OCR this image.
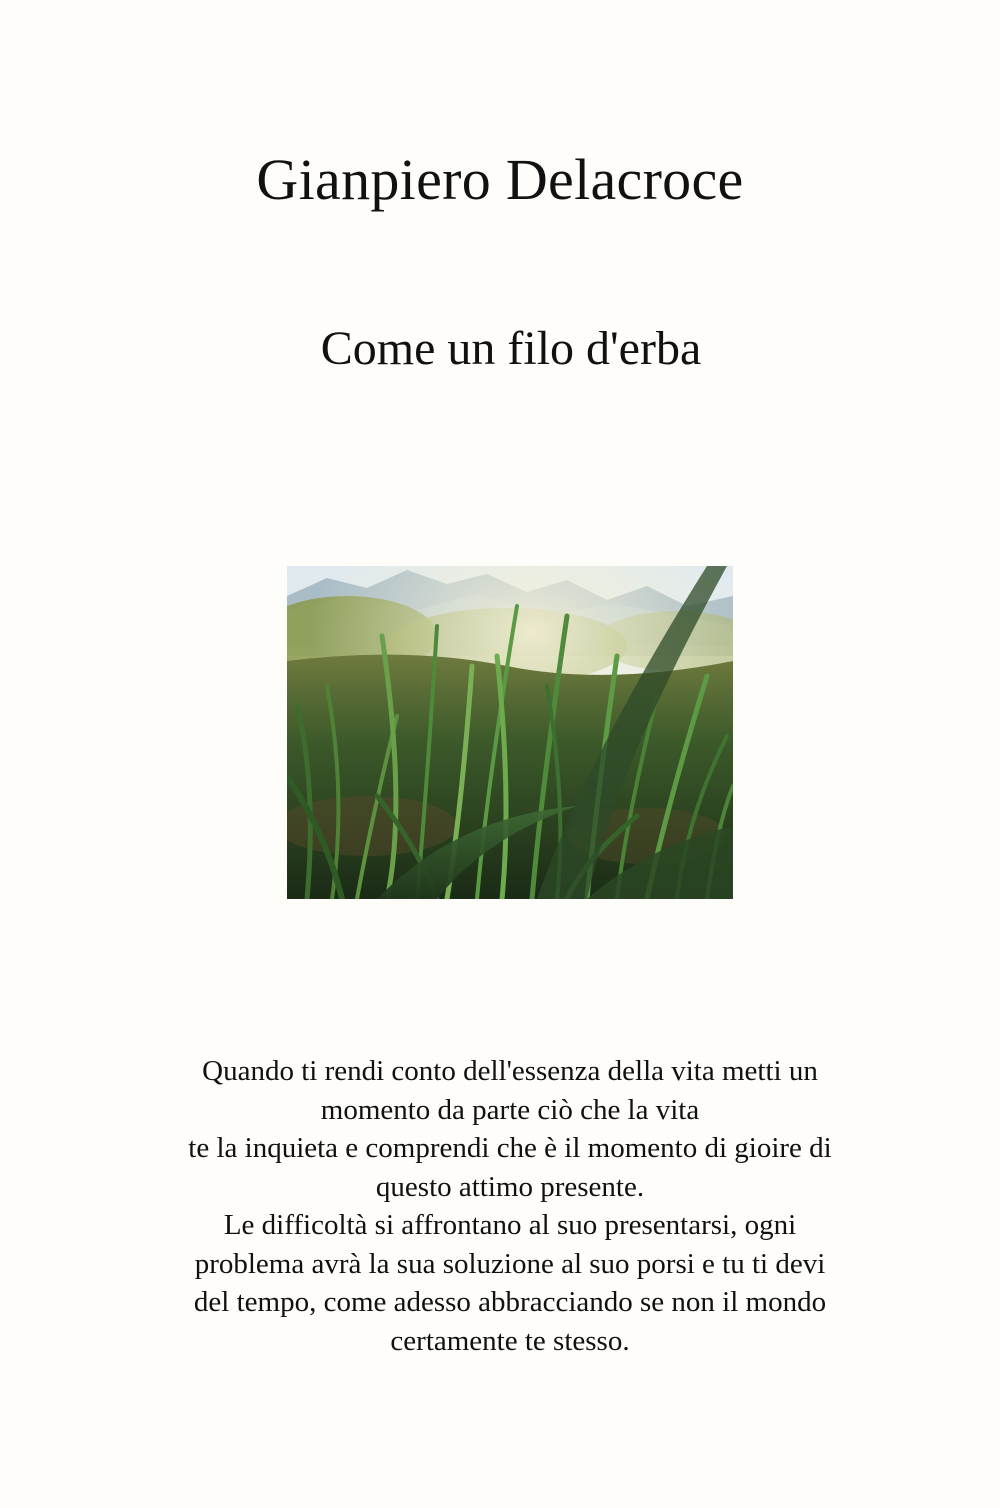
Gianpiero Delacroce
Come un filo d'erba
Quando ti rendi conto dell'essenza della vita metti un
momento da parte ciò che la vita
te la inquieta e comprendi che è il momento di gioire di
questo attimo presente.
Le difficoltà si affrontano al suo presentarsi, ogni
problema avrà la sua soluzione al suo porsi e tu ti devi
del tempo, come adesso abbracciando se non il mondo
certamente te stesso.
